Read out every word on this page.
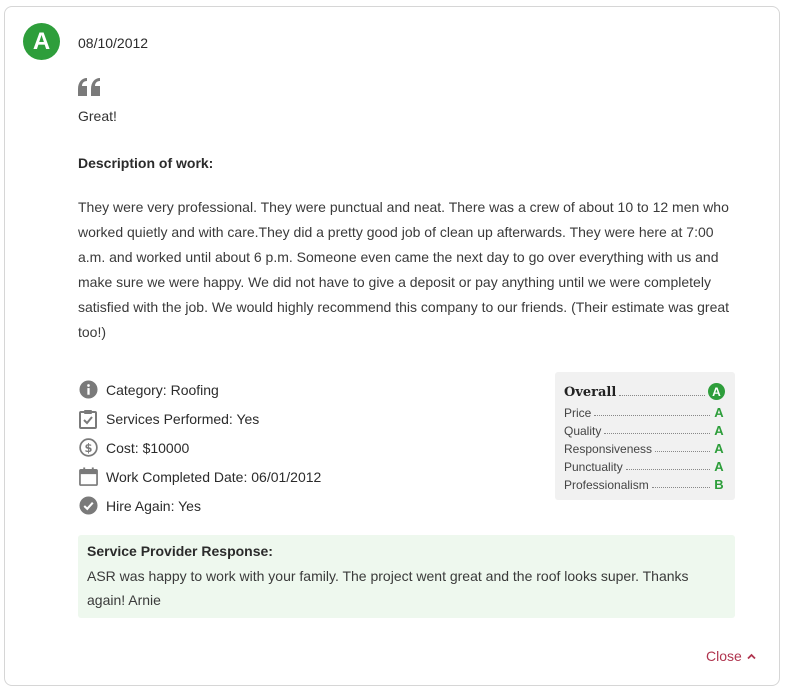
A	08/10/2012
Great!
Description of work:
They were very professional. They were punctual and neat. There was a crew of about 10 to 12 men who worked quietly and with care.They did a pretty good job of clean up afterwards. They were here at 7:00 a.m. and worked until about 6 p.m. Someone even came the next day to go over everything with us and make sure we were happy. We did not have to give a deposit or pay anything until we were completely satisfied with the job. We would highly recommend this company to our friends. (Their estimate was great too!)
Category: Roofing
Services Performed: Yes
$ Cost: $10000
Work Completed Date: 06/01/2012
Hire Again: Yes
Overall	A
Price	A
Quality	A
Responsiveness	A
Punctuality	A
Professionalism	B
Service Provider Response:
ASR was happy to work with your family. The project went great and the roof looks super. Thanks again! Arnie
Close
